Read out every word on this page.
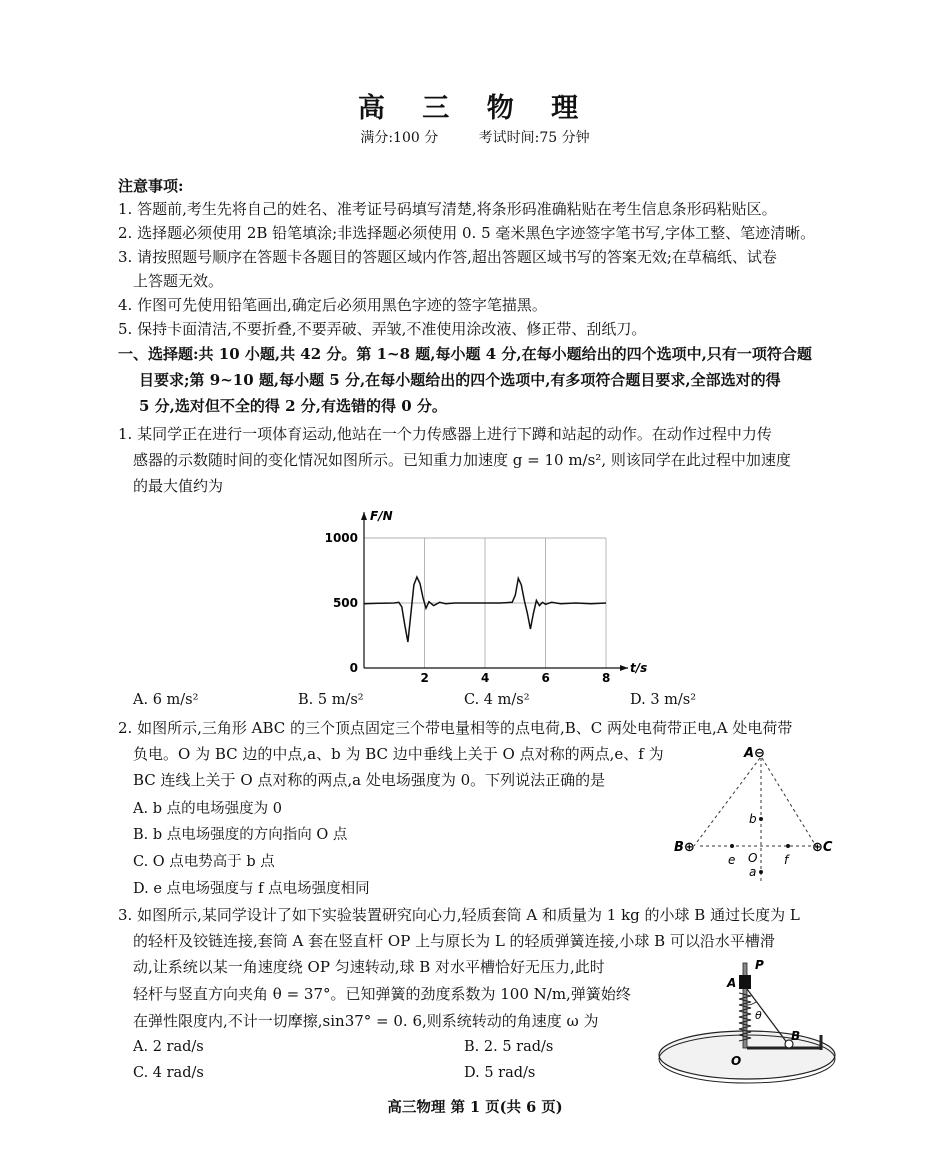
高 三 物 理
满分:100 分	考试时间:75 分钟
注意事项:
1. 答题前,考生先将自己的姓名、准考证号码填写清楚,将条形码准确粘贴在考生信息条形码粘贴区。
2. 选择题必须使用 2B 铅笔填涂;非选择题必须使用 0. 5 毫米黑色字迹签字笔书写,字体工整、笔迹清晰。
3. 请按照题号顺序在答题卡各题目的答题区域内作答,超出答题区域书写的答案无效;在草稿纸、试卷
上答题无效。
4. 作图可先使用铅笔画出,确定后必须用黑色字迹的签字笔描黑。
5. 保持卡面清洁,不要折叠,不要弄破、弄皱,不准使用涂改液、修正带、刮纸刀。
一、选择题:共 10 小题,共 42 分。第 1~8 题,每小题 4 分,在每小题给出的四个选项中,只有一项符合题
目要求;第 9~10 题,每小题 5 分,在每小题给出的四个选项中,有多项符合题目要求,全部选对的得
5 分,选对但不全的得 2 分,有选错的得 0 分。
1. 某同学正在进行一项体育运动,他站在一个力传感器上进行下蹲和站起的动作。在动作过程中力传
感器的示数随时间的变化情况如图所示。已知重力加速度 g = 10 m/s², 则该同学在此过程中加速度
的最大值约为
2	4	6	8
0
500
1000
t/s
F/N
A. 6 m/s²	B. 5 m/s²	C. 4 m/s²	D. 3 m/s²
2. 如图所示,三角形 ABC 的三个顶点固定三个带电量相等的点电荷,B、C 两处电荷带正电,A 处电荷带
负电。O 为 BC 边的中点,a、b 为 BC 边中垂线上关于 O 点对称的两点,e、f 为
BC 连线上关于 O 点对称的两点,a 处电场强度为 0。下列说法正确的是
A. b 点的电场强度为 0
B. b 点电场强度的方向指向 O 点
C. O 点电势高于 b 点
D. e 点电场强度与 f 点电场强度相同
A⊖
B⊕	⊕C
b
a
e	f
O
3. 如图所示,某同学设计了如下实验装置研究向心力,轻质套筒 A 和质量为 1 kg 的小球 B 通过长度为 L
的轻杆及铰链连接,套筒 A 套在竖直杆 OP 上与原长为 L 的轻质弹簧连接,小球 B 可以沿水平槽滑
动,让系统以某一角速度绕 OP 匀速转动,球 B 对水平槽恰好无压力,此时
轻杆与竖直方向夹角 θ = 37°。已知弹簧的劲度系数为 100 N/m,弹簧始终
在弹性限度内,不计一切摩擦,sin37° = 0. 6,则系统转动的角速度 ω 为
A. 2 rad/s	B. 2. 5 rad/s
C. 4 rad/s	D. 5 rad/s
P
A
θ
B
O
高三物理 第 1 页(共 6 页)
